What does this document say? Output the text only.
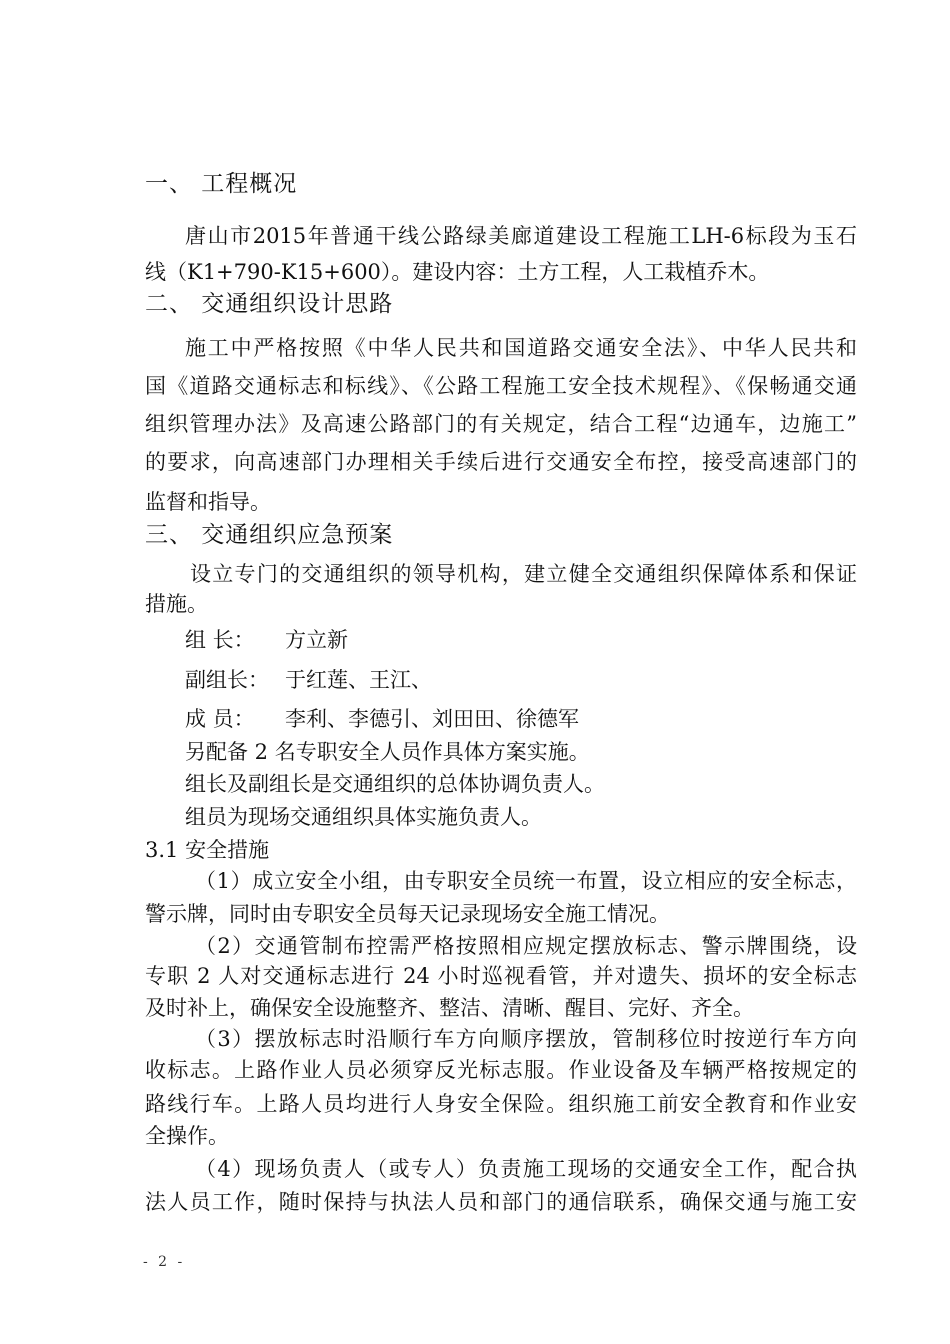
一、 工程概况
唐山市2015年普通干线公路绿美廊道建设工程施工LH-6标段为玉石
线（K1+790-K15+600）。建设内容：土方工程，人工栽植乔木。
二、 交通组织设计思路
施工中严格按照《中华人民共和国道路交通安全法》、中华人民共和
国《道路交通标志和标线》、《公路工程施工安全技术规程》、《保畅通交通
组织管理办法》及高速公路部门的有关规定，结合工程“边通车，边施工”
的要求，向高速部门办理相关手续后进行交通安全布控，接受高速部门的
监督和指导。
三、 交通组织应急预案
设立专门的交通组织的领导机构，建立健全交通组织保障体系和保证
措施。
组 长： 方立新
副组长： 于红莲、王江、
成 员： 李利、李德引、刘田田、徐德军
另配备 2 名专职安全人员作具体方案实施。
组长及副组长是交通组织的总体协调负责人。
组员为现场交通组织具体实施负责人。
3.1 安全措施
（1）成立安全小组，由专职安全员统一布置，设立相应的安全标志，
警示牌，同时由专职安全员每天记录现场安全施工情况。
（2）交通管制布控需严格按照相应规定摆放标志、警示牌围绕，设
专职 2 人对交通标志进行 24 小时巡视看管，并对遗失、损坏的安全标志
及时补上，确保安全设施整齐、整洁、清晰、醒目、完好、齐全。
（3）摆放标志时沿顺行车方向顺序摆放，管制移位时按逆行车方向
收标志。上路作业人员必须穿反光标志服。作业设备及车辆严格按规定的
路线行车。上路人员均进行人身安全保险。组织施工前安全教育和作业安
全操作。
（4）现场负责人（或专人）负责施工现场的交通安全工作，配合执
法人员工作，随时保持与执法人员和部门的通信联系，确保交通与施工安
- 2 -
